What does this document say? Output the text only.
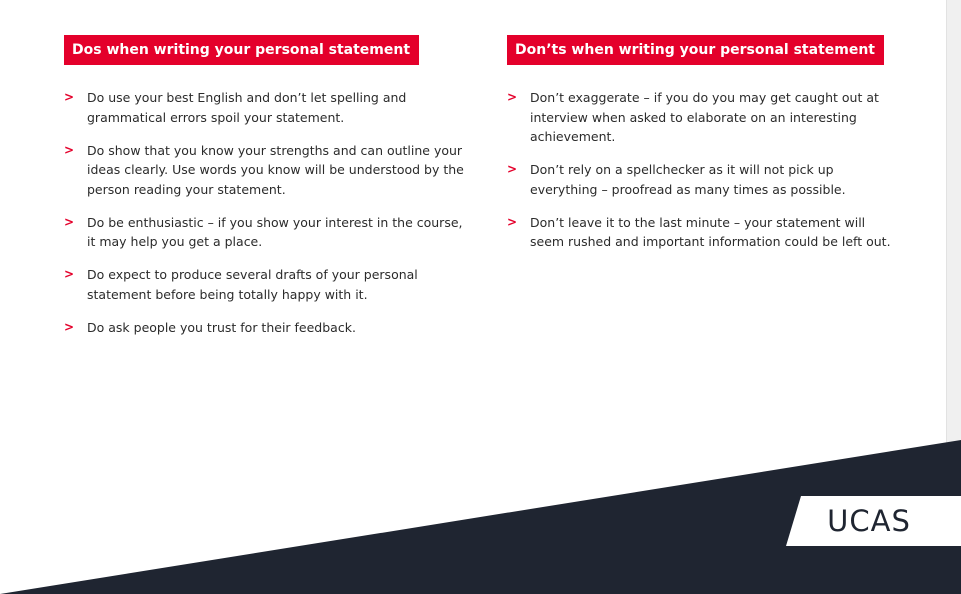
Dos when writing your personal statement
> Do use your best English and don’t let spelling and grammatical errors spoil your statement.
> Do show that you know your strengths and can outline your ideas clearly. Use words you know will be understood by the person reading your statement.
> Do be enthusiastic – if you show your interest in the course, it may help you get a place.
> Do expect to produce several drafts of your personal statement before being totally happy with it.
> Do ask people you trust for their feedback.
Don’ts when writing your personal statement
> Don’t exaggerate – if you do you may get caught out at interview when asked to elaborate on an interesting achievement.
> Don’t rely on a spellchecker as it will not pick up everything – proofread as many times as possible.
> Don’t leave it to the last minute – your statement will seem rushed and important information could be left out.
UCAS
